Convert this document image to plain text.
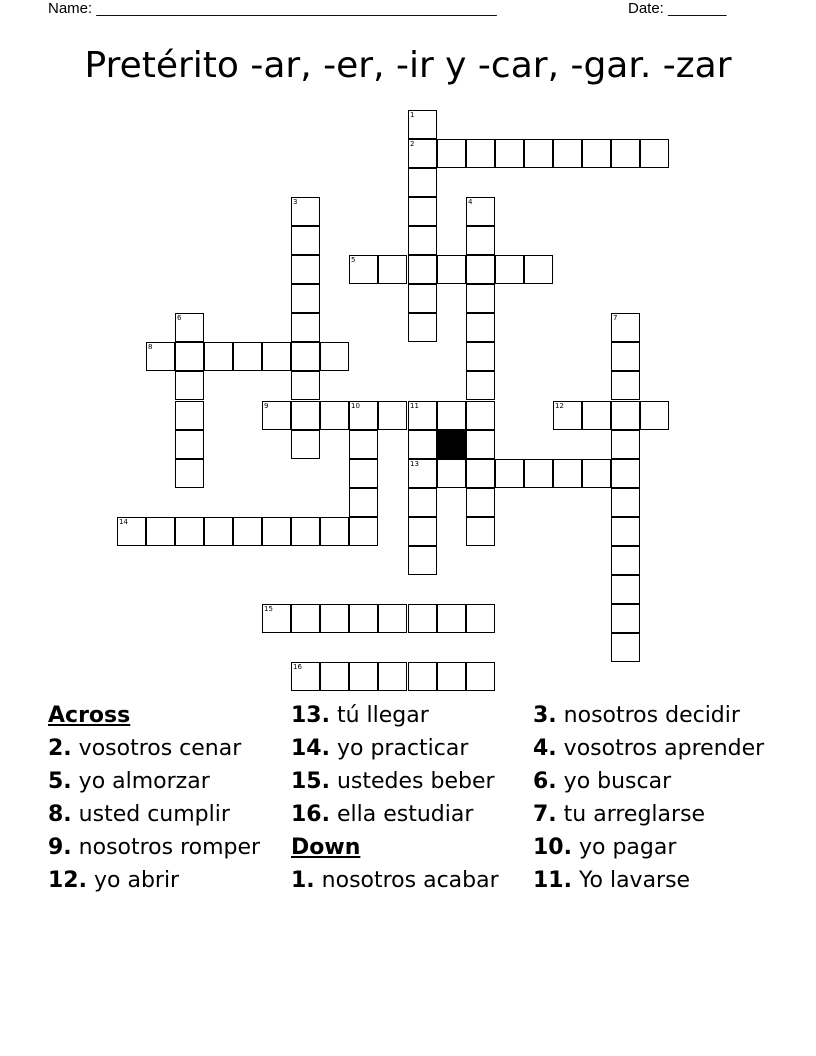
Name: ________________________________________________	Date: _______
Pretérito -ar, -er, -ir y -car, -gar. -zar
1
2
3	4
5
6	7
8
9	10	11
13
12
14
15
16
Across
2. vosotros cenar
5. yo almorzar
8. usted cumplir
9. nosotros romper
12. yo abrir
13. tú llegar
14. yo practicar
15. ustedes beber
16. ella estudiar
Down
1. nosotros acabar
3. nosotros decidir
4. vosotros aprender
6. yo buscar
7. tu arreglarse
10. yo pagar
11. Yo lavarse
